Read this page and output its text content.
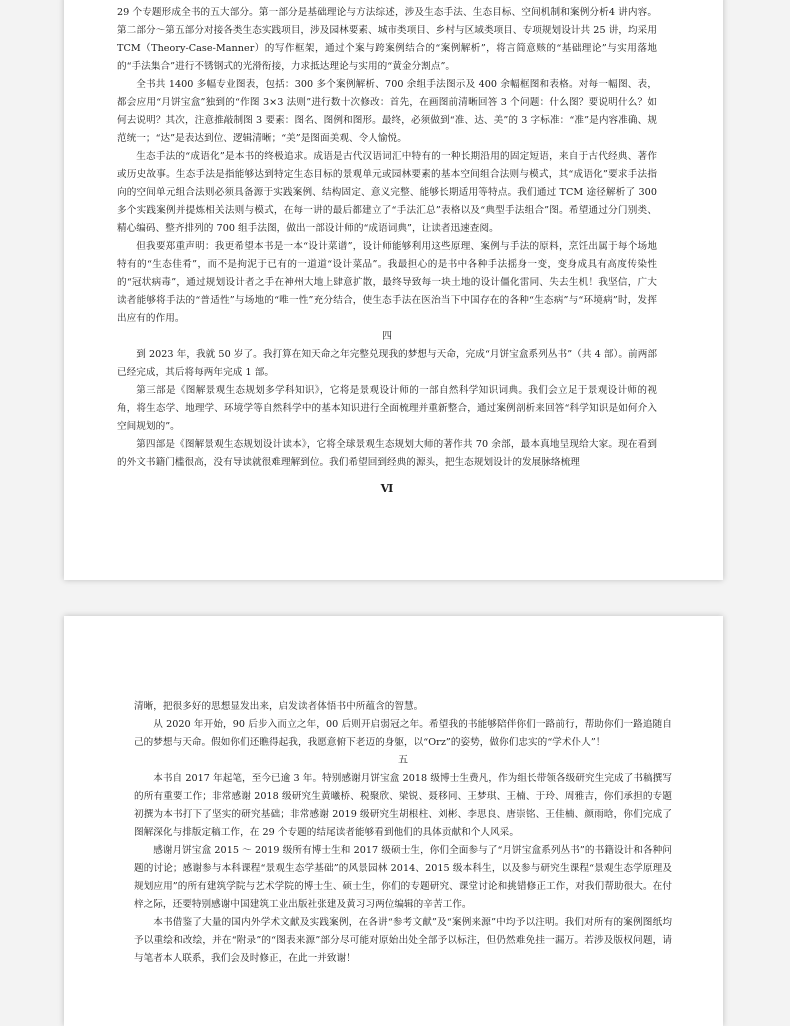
29 个专题形成全书的五大部分。第一部分是基础理论与方法综述，涉及生态手法、生态目标、空间机制和案例分析4 讲内容。第二部分～第五部分对接各类生态实践项目，涉及园林要素、城市类项目、乡村与区域类项目、专项规划设计共 25 讲，均采用 TCM（Theory-Case-Manner）的写作框架，通过个案与跨案例结合的“案例解析”，将言简意赅的“基础理论”与实用落地的“手法集合”进行不锈钢式的光滑衔接，力求抵达理论与实用的“黄金分割点”。

全书共 1400 多幅专业图表，包括：300 多个案例解析、700 余组手法图示及 400 余幅框图和表格。对每一幅图、表，都会应用“月饼宝盒”独到的“作图 3×3 法则”进行数十次修改：首先，在画图前清晰回答 3 个问题：什么图？要说明什么？如何去说明？其次，注意推敲制图 3 要素：图名、图例和图形。最终，必须做到“准、达、美”的 3 字标准：“准”是内容准确、规范统一；“达”是表达到位、逻辑清晰；“美”是图面美观、令人愉悦。

生态手法的“成语化”是本书的终极追求。成语是古代汉语词汇中特有的一种长期沿用的固定短语，来自于古代经典、著作或历史故事。生态手法是指能够达到特定生态目标的景观单元或园林要素的基本空间组合法则与模式，其“成语化”要求手法指向的空间单元组合法则必须具备源于实践案例、结构固定、意义完整、能够长期适用等特点。我们通过 TCM 途径解析了 300 多个实践案例并提炼相关法则与模式，在每一讲的最后都建立了“手法汇总”表格以及“典型手法组合”图。希望通过分门别类、精心编码、整齐排列的 700 组手法图，做出一部设计师的“成语词典”，让读者迅速查阅。

但我要郑重声明：我更希望本书是一本“设计菜谱”，设计师能够利用这些原理、案例与手法的原料，烹饪出属于每个场地特有的“生态佳肴”，而不是拘泥于已有的一道道“设计菜品”。我最担心的是书中各种手法摇身一变，变身成具有高度传染性的“冠状病毒”，通过规划设计者之手在神州大地上肆意扩散，最终导致每一块土地的设计僵化雷同、失去生机！我坚信，广大读者能够将手法的“普适性”与场地的“唯一性”充分结合，使生态手法在医治当下中国存在的各种“生态病”与“环境病”时，发挥出应有的作用。

四

到 2023 年，我就 50 岁了。我打算在知天命之年完整兑现我的梦想与天命，完成“月饼宝盒系列丛书”（共 4 部）。前两部已经完成，其后将每两年完成 1 部。

第三部是《图解景观生态规划多学科知识》，它将是景观设计师的一部自然科学知识词典。我们会立足于景观设计师的视角，将生态学、地理学、环境学等自然科学中的基本知识进行全面梳理并重新整合，通过案例剖析来回答“科学知识是如何介入空间规划的”。

第四部是《图解景观生态规划设计读本》，它将全球景观生态规划大师的著作共 70 余部，最本真地呈现给大家。现在看到的外文书籍门槛很高，没有导读就很难理解到位。我们希望回到经典的源头，把生态规划设计的发展脉络梳理

Ⅵ

清晰，把很多好的思想显发出来，启发读者体悟书中所蕴含的智慧。

从 2020 年开始，90 后步入而立之年，00 后则开启弱冠之年。希望我的书能够陪伴你们一路前行，帮助你们一路追随自己的梦想与天命。假如你们还瞧得起我，我愿意俯下老迈的身躯，以“Orz”的姿势，做你们忠实的“学术仆人”！

五

本书自 2017 年起笔，至今已逾 3 年。特别感谢月饼宝盒 2018 级博士生费凡，作为组长带领各级研究生完成了书稿撰写的所有重要工作；非常感谢 2018 级研究生黄曦桥、税聚欣、梁锐、聂移同、王梦琪、王楠、于玲、周雅吉，你们承担的专题初撰为本书打下了坚实的研究基础；非常感谢 2019 级研究生胡根柱、刘彬、李思良、唐崇铭、王佳楠、颜雨晗，你们完成了图解深化与排版定稿工作，在 29 个专题的结尾读者能够看到他们的具体贡献和个人风采。

感谢月饼宝盒 2015 ～ 2019 级所有博士生和 2017 级硕士生，你们全面参与了“月饼宝盒系列丛书”的书籍设计和各种问题的讨论；感谢参与本科课程“景观生态学基础”的风景园林 2014、2015 级本科生，以及参与研究生课程“景观生态学原理及规划应用”的所有建筑学院与艺术学院的博士生、硕士生，你们的专题研究、课堂讨论和挑错修正工作，对我们帮助很大。在付梓之际，还要特别感谢中国建筑工业出版社张建及黄习习两位编辑的辛苦工作。

本书借鉴了大量的国内外学术文献及实践案例，在各讲“参考文献”及“案例来源”中均予以注明。我们对所有的案例图纸均予以重绘和改绘，并在“附录”的“图表来源”部分尽可能对原始出处全部予以标注，但仍然难免挂一漏万。若涉及版权问题，请与笔者本人联系，我们会及时修正，在此一并致谢！
